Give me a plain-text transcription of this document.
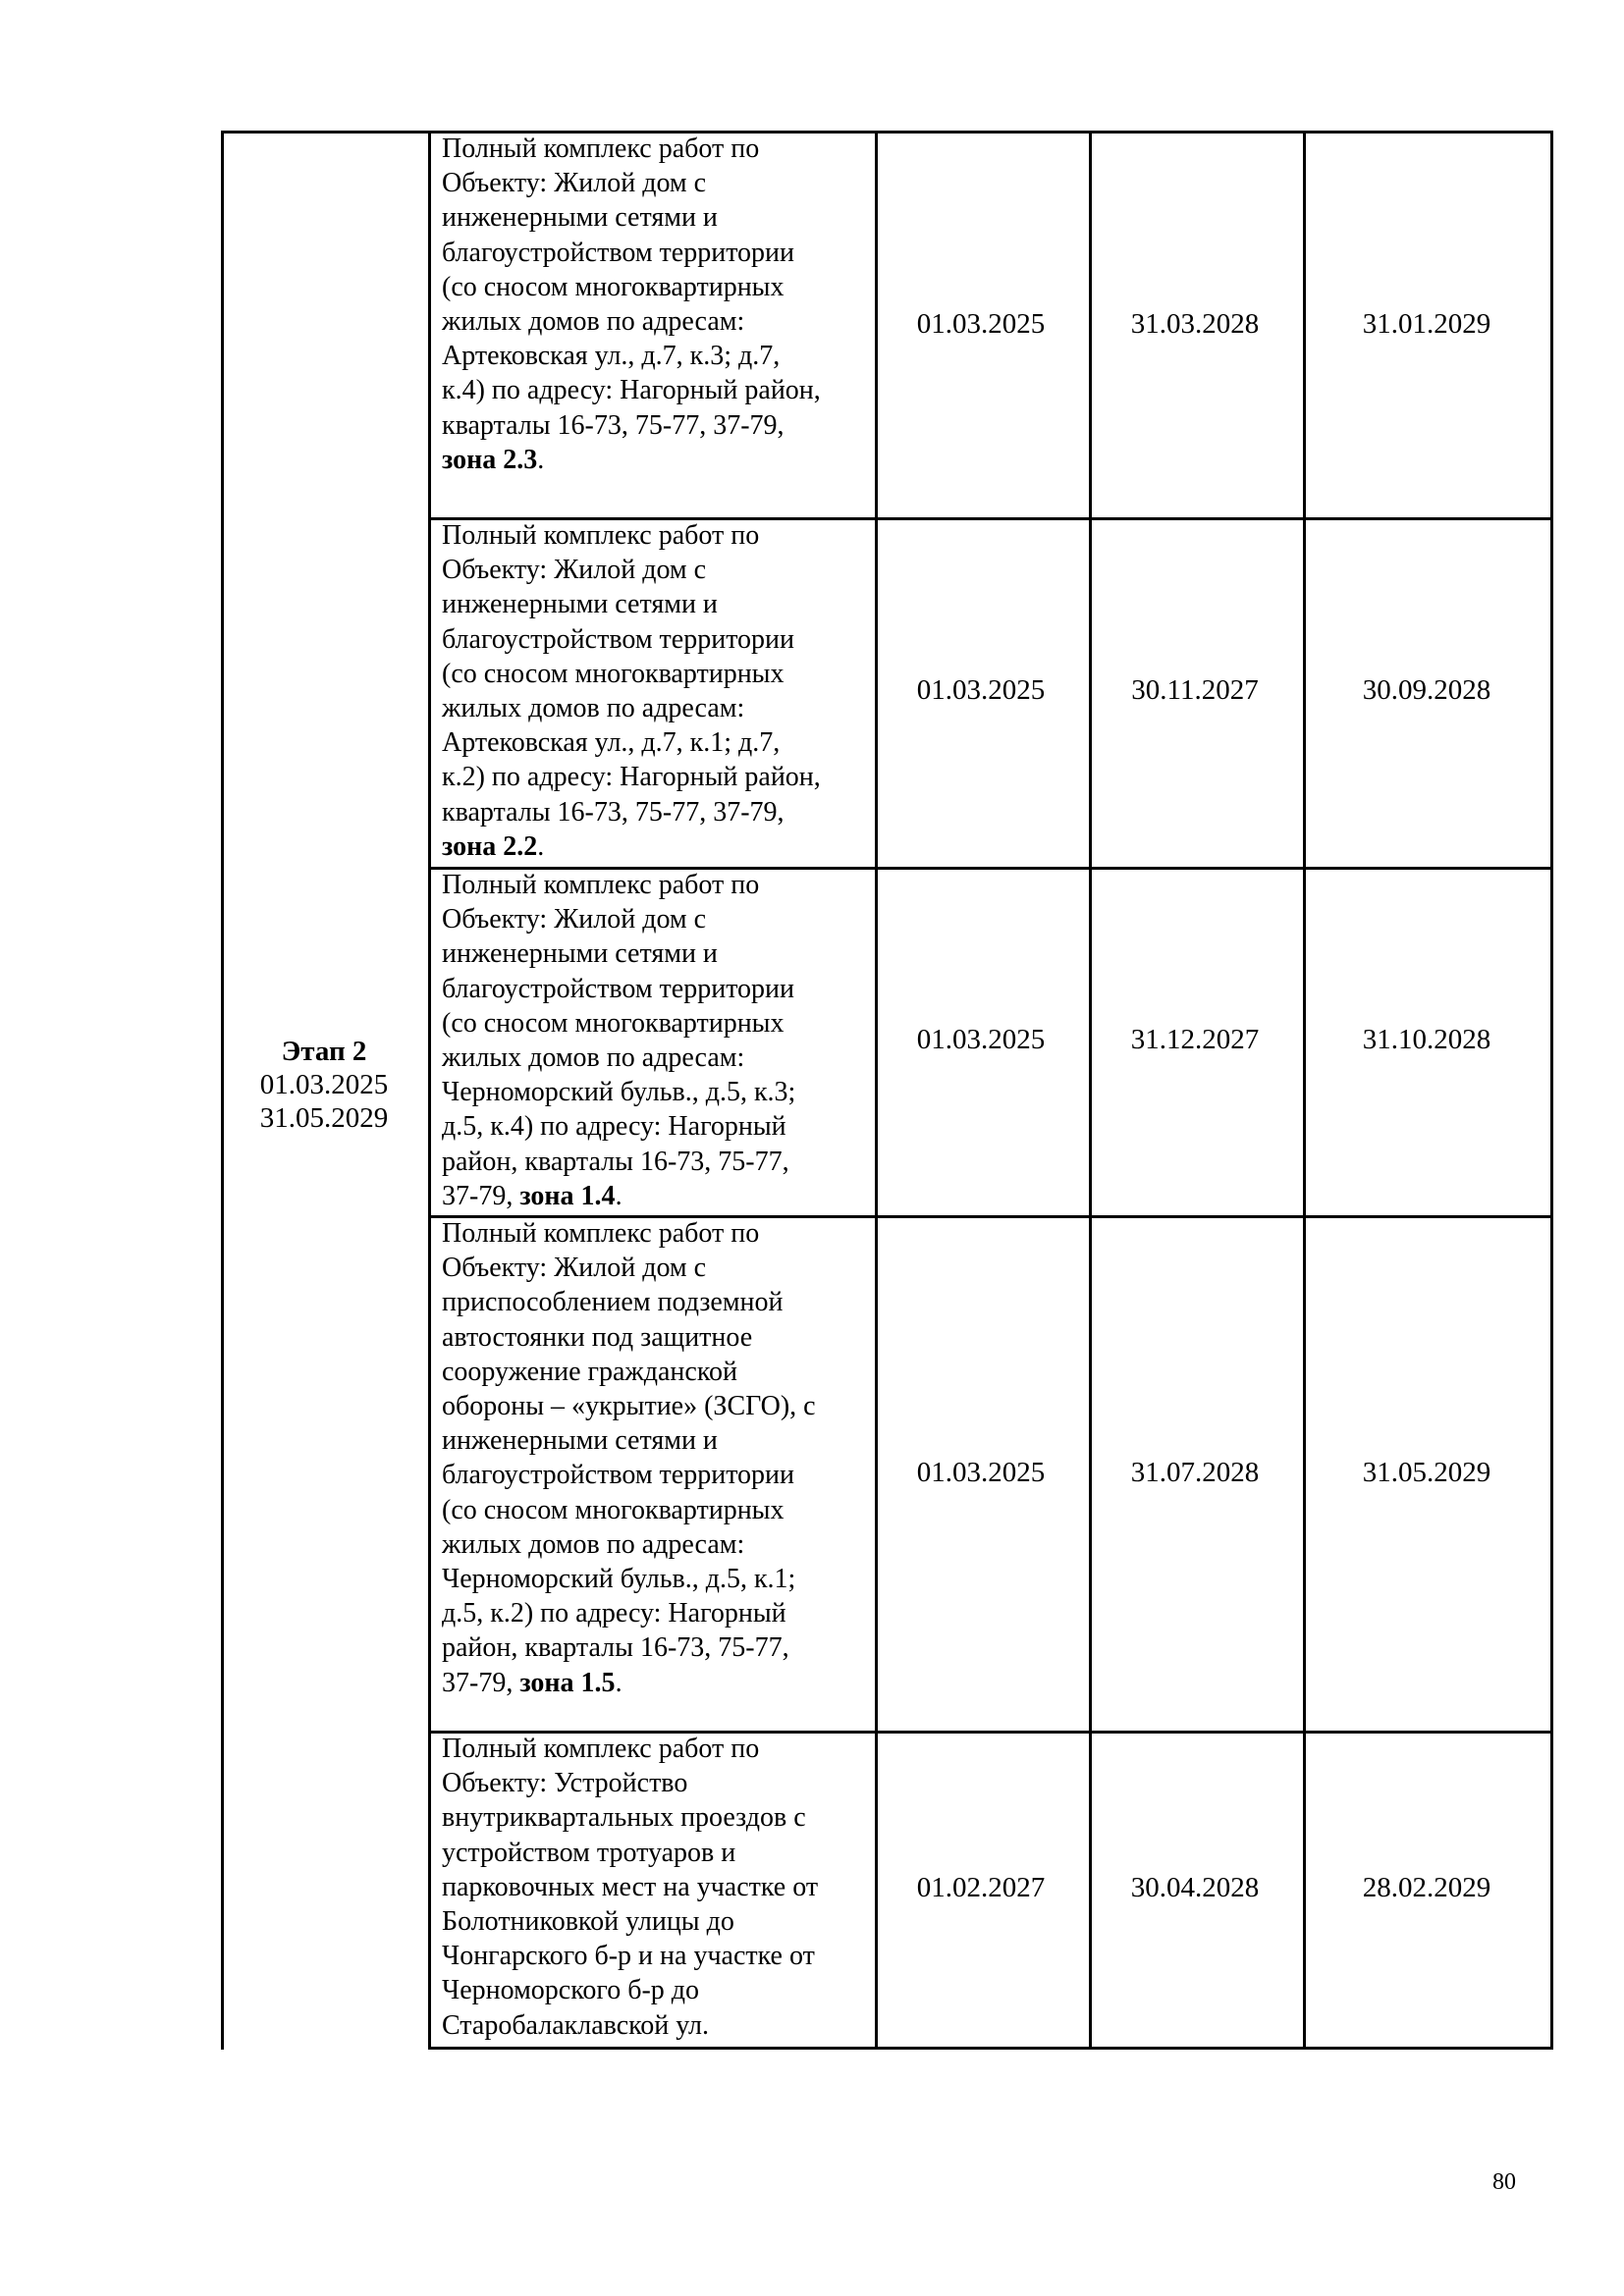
Этап 2
01.03.2025
31.05.2029
Полный комплекс работ по
Объекту: Жилой дом с
инженерными сетями и
благоустройством территории
(со сносом многоквартирных
жилых домов по адресам:
Артековская ул., д.7, к.3; д.7,
к.4) по адресу: Нагорный район,
кварталы 16-73, 75-77, 37-79,
зона 2.3.
01.03.2025	31.03.2028	31.01.2029
Полный комплекс работ по
Объекту: Жилой дом с
инженерными сетями и
благоустройством территории
(со сносом многоквартирных
жилых домов по адресам:
Артековская ул., д.7, к.1; д.7,
к.2) по адресу: Нагорный район,
кварталы 16-73, 75-77, 37-79,
зона 2.2.
01.03.2025	30.11.2027	30.09.2028
Полный комплекс работ по
Объекту: Жилой дом с
инженерными сетями и
благоустройством территории
(со сносом многоквартирных
жилых домов по адресам:
Черноморский бульв., д.5, к.3;
д.5, к.4) по адресу: Нагорный
район, кварталы 16-73, 75-77,
37-79, зона 1.4.
01.03.2025	31.12.2027	31.10.2028
Полный комплекс работ по
Объекту: Жилой дом с
приспособлением подземной
автостоянки под защитное
сооружение гражданской
обороны – «укрытие» (ЗСГО), с
инженерными сетями и
благоустройством территории
(со сносом многоквартирных
жилых домов по адресам:
Черноморский бульв., д.5, к.1;
д.5, к.2) по адресу: Нагорный
район, кварталы 16-73, 75-77,
37-79, зона 1.5.
01.03.2025	31.07.2028	31.05.2029
Полный комплекс работ по
Объекту: Устройство
внутриквартальных проездов с
устройством тротуаров и
парковочных мест на участке от
Болотниковкой улицы до
Чонгарского б-р и на участке от
Черноморского б-р до
Старобалаклавской ул.
01.02.2027	30.04.2028	28.02.2029
80
